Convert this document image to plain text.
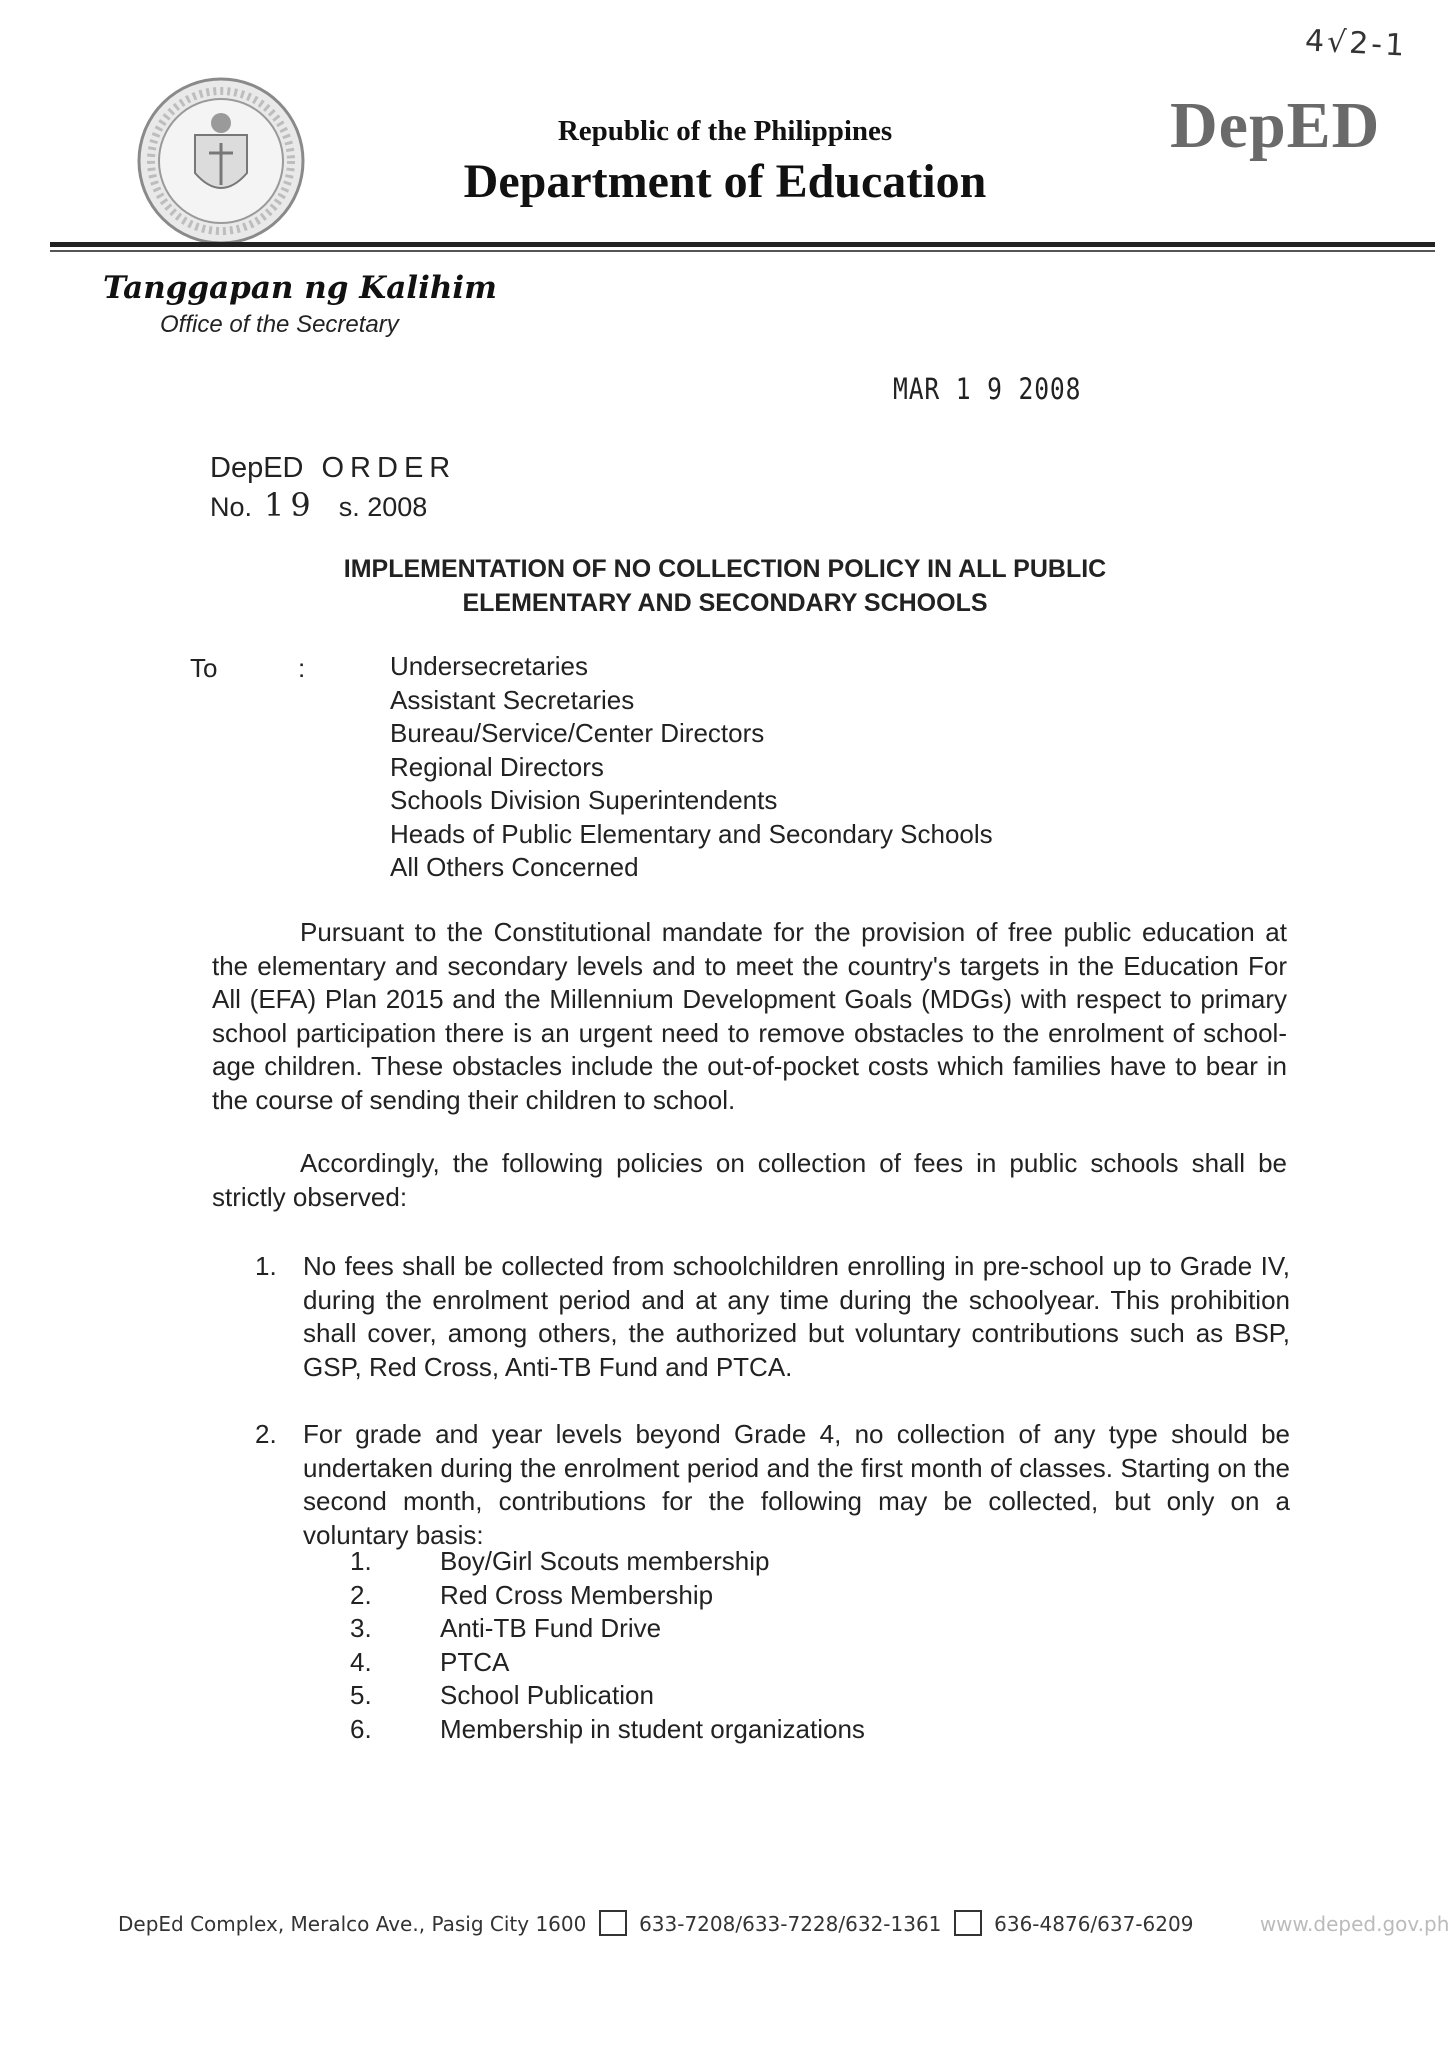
4√2-1
Republic of the Philippines
Department of Education
DepED
Tanggapan ng Kalihim
Office of the Secretary
MAR 1 9 2008
DepED ORDER
No. 19 s. 2008
IMPLEMENTATION OF NO COLLECTION POLICY IN ALL PUBLIC
ELEMENTARY AND SECONDARY SCHOOLS
To	:	Undersecretaries
Assistant Secretaries
Bureau/Service/Center Directors
Regional Directors
Schools Division Superintendents
Heads of Public Elementary and Secondary Schools
All Others Concerned
Pursuant to the Constitutional mandate for the provision of free public education at the elementary and secondary levels and to meet the country's targets in the Education For All (EFA) Plan 2015 and the Millennium Development Goals (MDGs) with respect to primary school participation there is an urgent need to remove obstacles to the enrolment of school-age children. These obstacles include the out-of-pocket costs which families have to bear in the course of sending their children to school.
Accordingly, the following policies on collection of fees in public schools shall be strictly observed:
1. No fees shall be collected from schoolchildren enrolling in pre-school up to Grade IV, during the enrolment period and at any time during the schoolyear. This prohibition shall cover, among others, the authorized but voluntary contributions such as BSP, GSP, Red Cross, Anti-TB Fund and PTCA.
2. For grade and year levels beyond Grade 4, no collection of any type should be undertaken during the enrolment period and the first month of classes. Starting on the second month, contributions for the following may be collected, but only on a voluntary basis:
1.	Boy/Girl Scouts membership
2.	Red Cross Membership
3.	Anti-TB Fund Drive
4.	PTCA
5.	School Publication
6.	Membership in student organizations
DepEd Complex, Meralco Ave., Pasig City 1600	633-7208/633-7228/632-1361	636-4876/637-6209	www.deped.gov.ph
